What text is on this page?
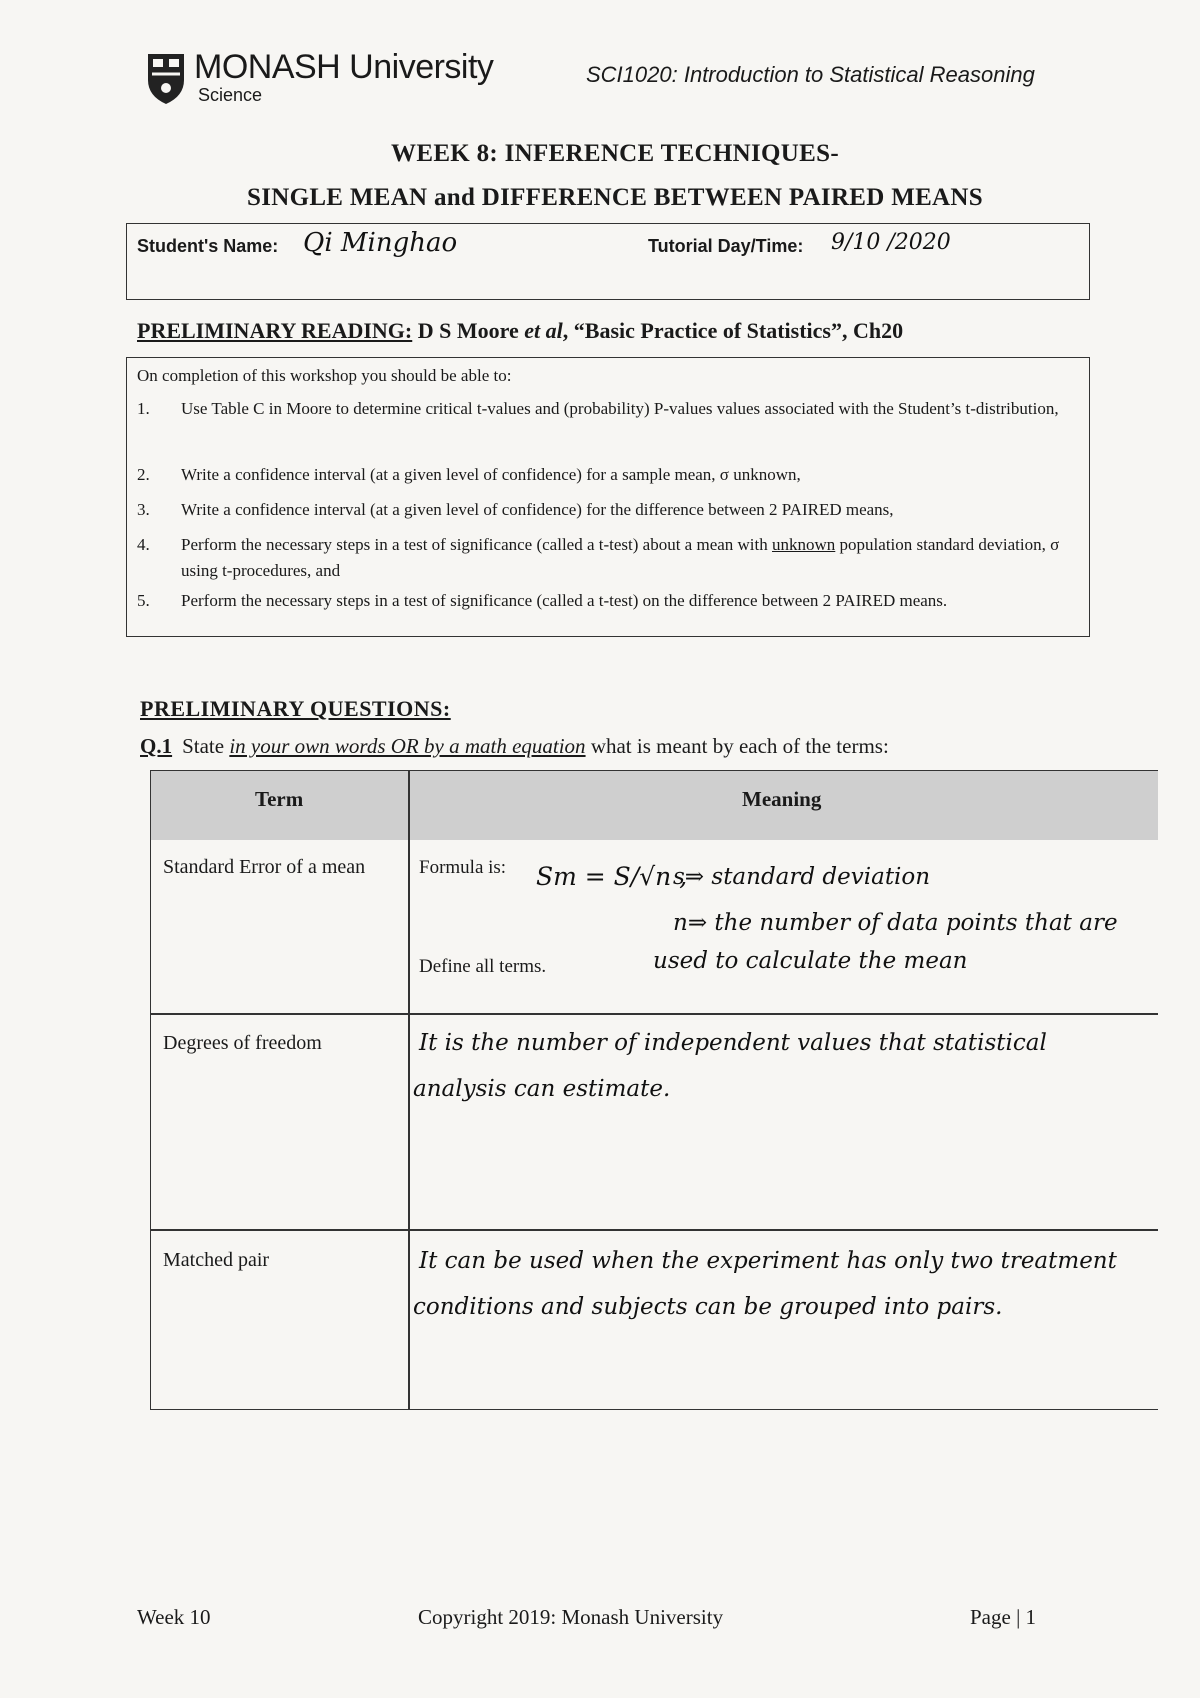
MONASH University
Science
SCI1020: Introduction to Statistical Reasoning
WEEK 8: INFERENCE TECHNIQUES-
SINGLE MEAN and DIFFERENCE BETWEEN PAIRED MEANS
Student's Name: Qi Minghao	Tutorial Day/Time: 9/10 /2020
PRELIMINARY READING: D S Moore et al, “Basic Practice of Statistics”, Ch20
On completion of this workshop you should be able to:
1.	Use Table C in Moore to determine critical t-values and (probability) P-values values associated with the Student’s t-distribution,
2.	Write a confidence interval (at a given level of confidence) for a sample mean, σ unknown,
3.	Write a confidence interval (at a given level of confidence) for the difference between 2 PAIRED means,
4.	Perform the necessary steps in a test of significance (called a t-test) about a mean with unknown population standard deviation, σ using t-procedures, and
5.	Perform the necessary steps in a test of significance (called a t-test) on the difference between 2 PAIRED means.
PRELIMINARY QUESTIONS:
Q.1 State in your own words OR by a math equation what is meant by each of the terms:
Term	Meaning
Standard Error of a mean	Formula is:
Define all terms.
Sm = S/√n ,
s⇒ standard deviation
n⇒ the number of data points that are
used to calculate the mean
Degrees of freedom	It is the number of independent values that statistical
analysis can estimate.
Matched pair	It can be used when the experiment has only two treatment
conditions and subjects can be grouped into pairs.
Week 10	Copyright 2019: Monash University	Page | 1
